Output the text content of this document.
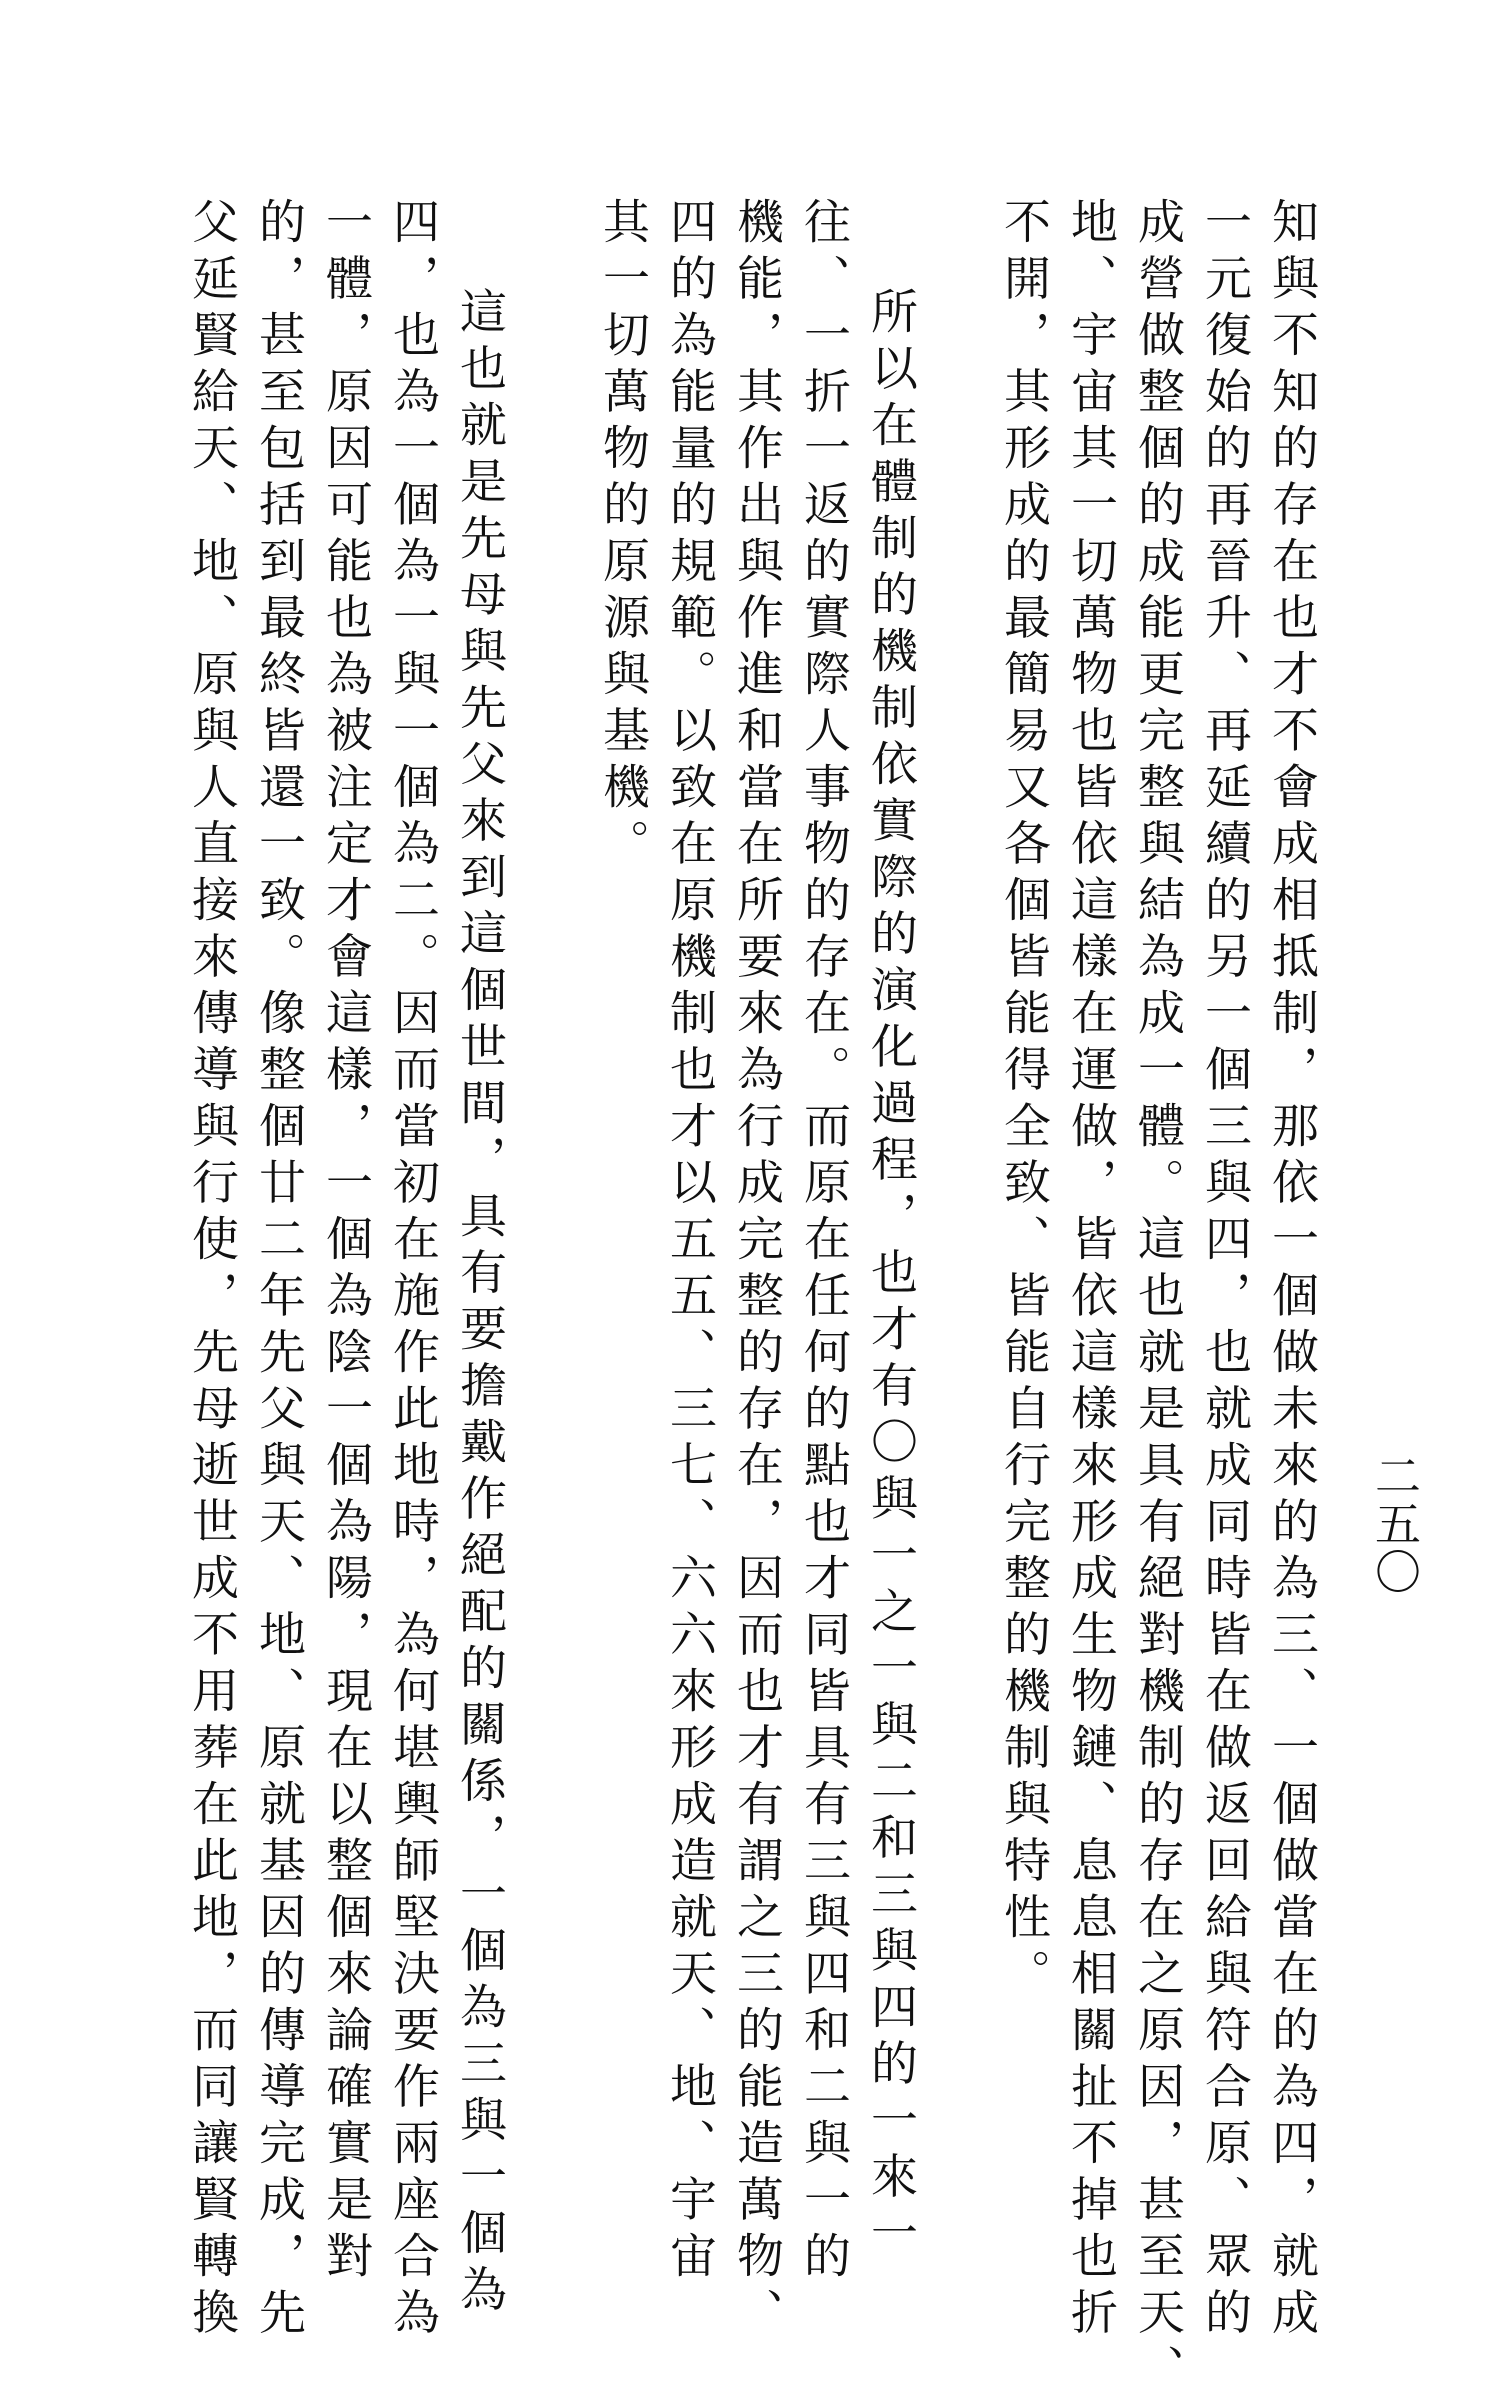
二五〇

知與不知的存在也才不會成相抵制，那依一個做未來的為三、一個做當在的為四，就成

一元復始的再晉升、再延續的另一個三與四，也就成同時皆在做返回給與符合原、眾的

成營做整個的成能更完整與結為成一體。這也就是具有絕對機制的存在之原因，甚至天、

地、宇宙其一切萬物也皆依這樣在運做，皆依這樣來形成生物鏈、息息相關扯不掉也折

不開，其形成的最簡易又各個皆能得全致、皆能自行完整的機制與特性。

所以在體制的機制依實際的演化過程，也才有〇與一之一與二和三與四的一來一

往、一折一返的實際人事物的存在。而原在任何的點也才同皆具有三與四和二與一的

機能，其作出與作進和當在所要來為行成完整的存在，因而也才有謂之三的能造萬物、

四的為能量的規範。以致在原機制也才以五五、三七、六六來形成造就天、地、宇宙

其一切萬物的原源與基機。

這也就是先母與先父來到這個世間，具有要擔戴作絕配的關係，一個為三與一個為

四，也為一個為一與一個為二。因而當初在施作此地時，為何堪輿師堅決要作兩座合為

一體，原因可能也為被注定才會這樣，一個為陰一個為陽，現在以整個來論確實是對

的，甚至包括到最終皆還一致。像整個廿二年先父與天、地、原就基因的傳導完成，先

父延賢給天、地、原與人直接來傳導與行使，先母逝世成不用葬在此地，而同讓賢轉換
